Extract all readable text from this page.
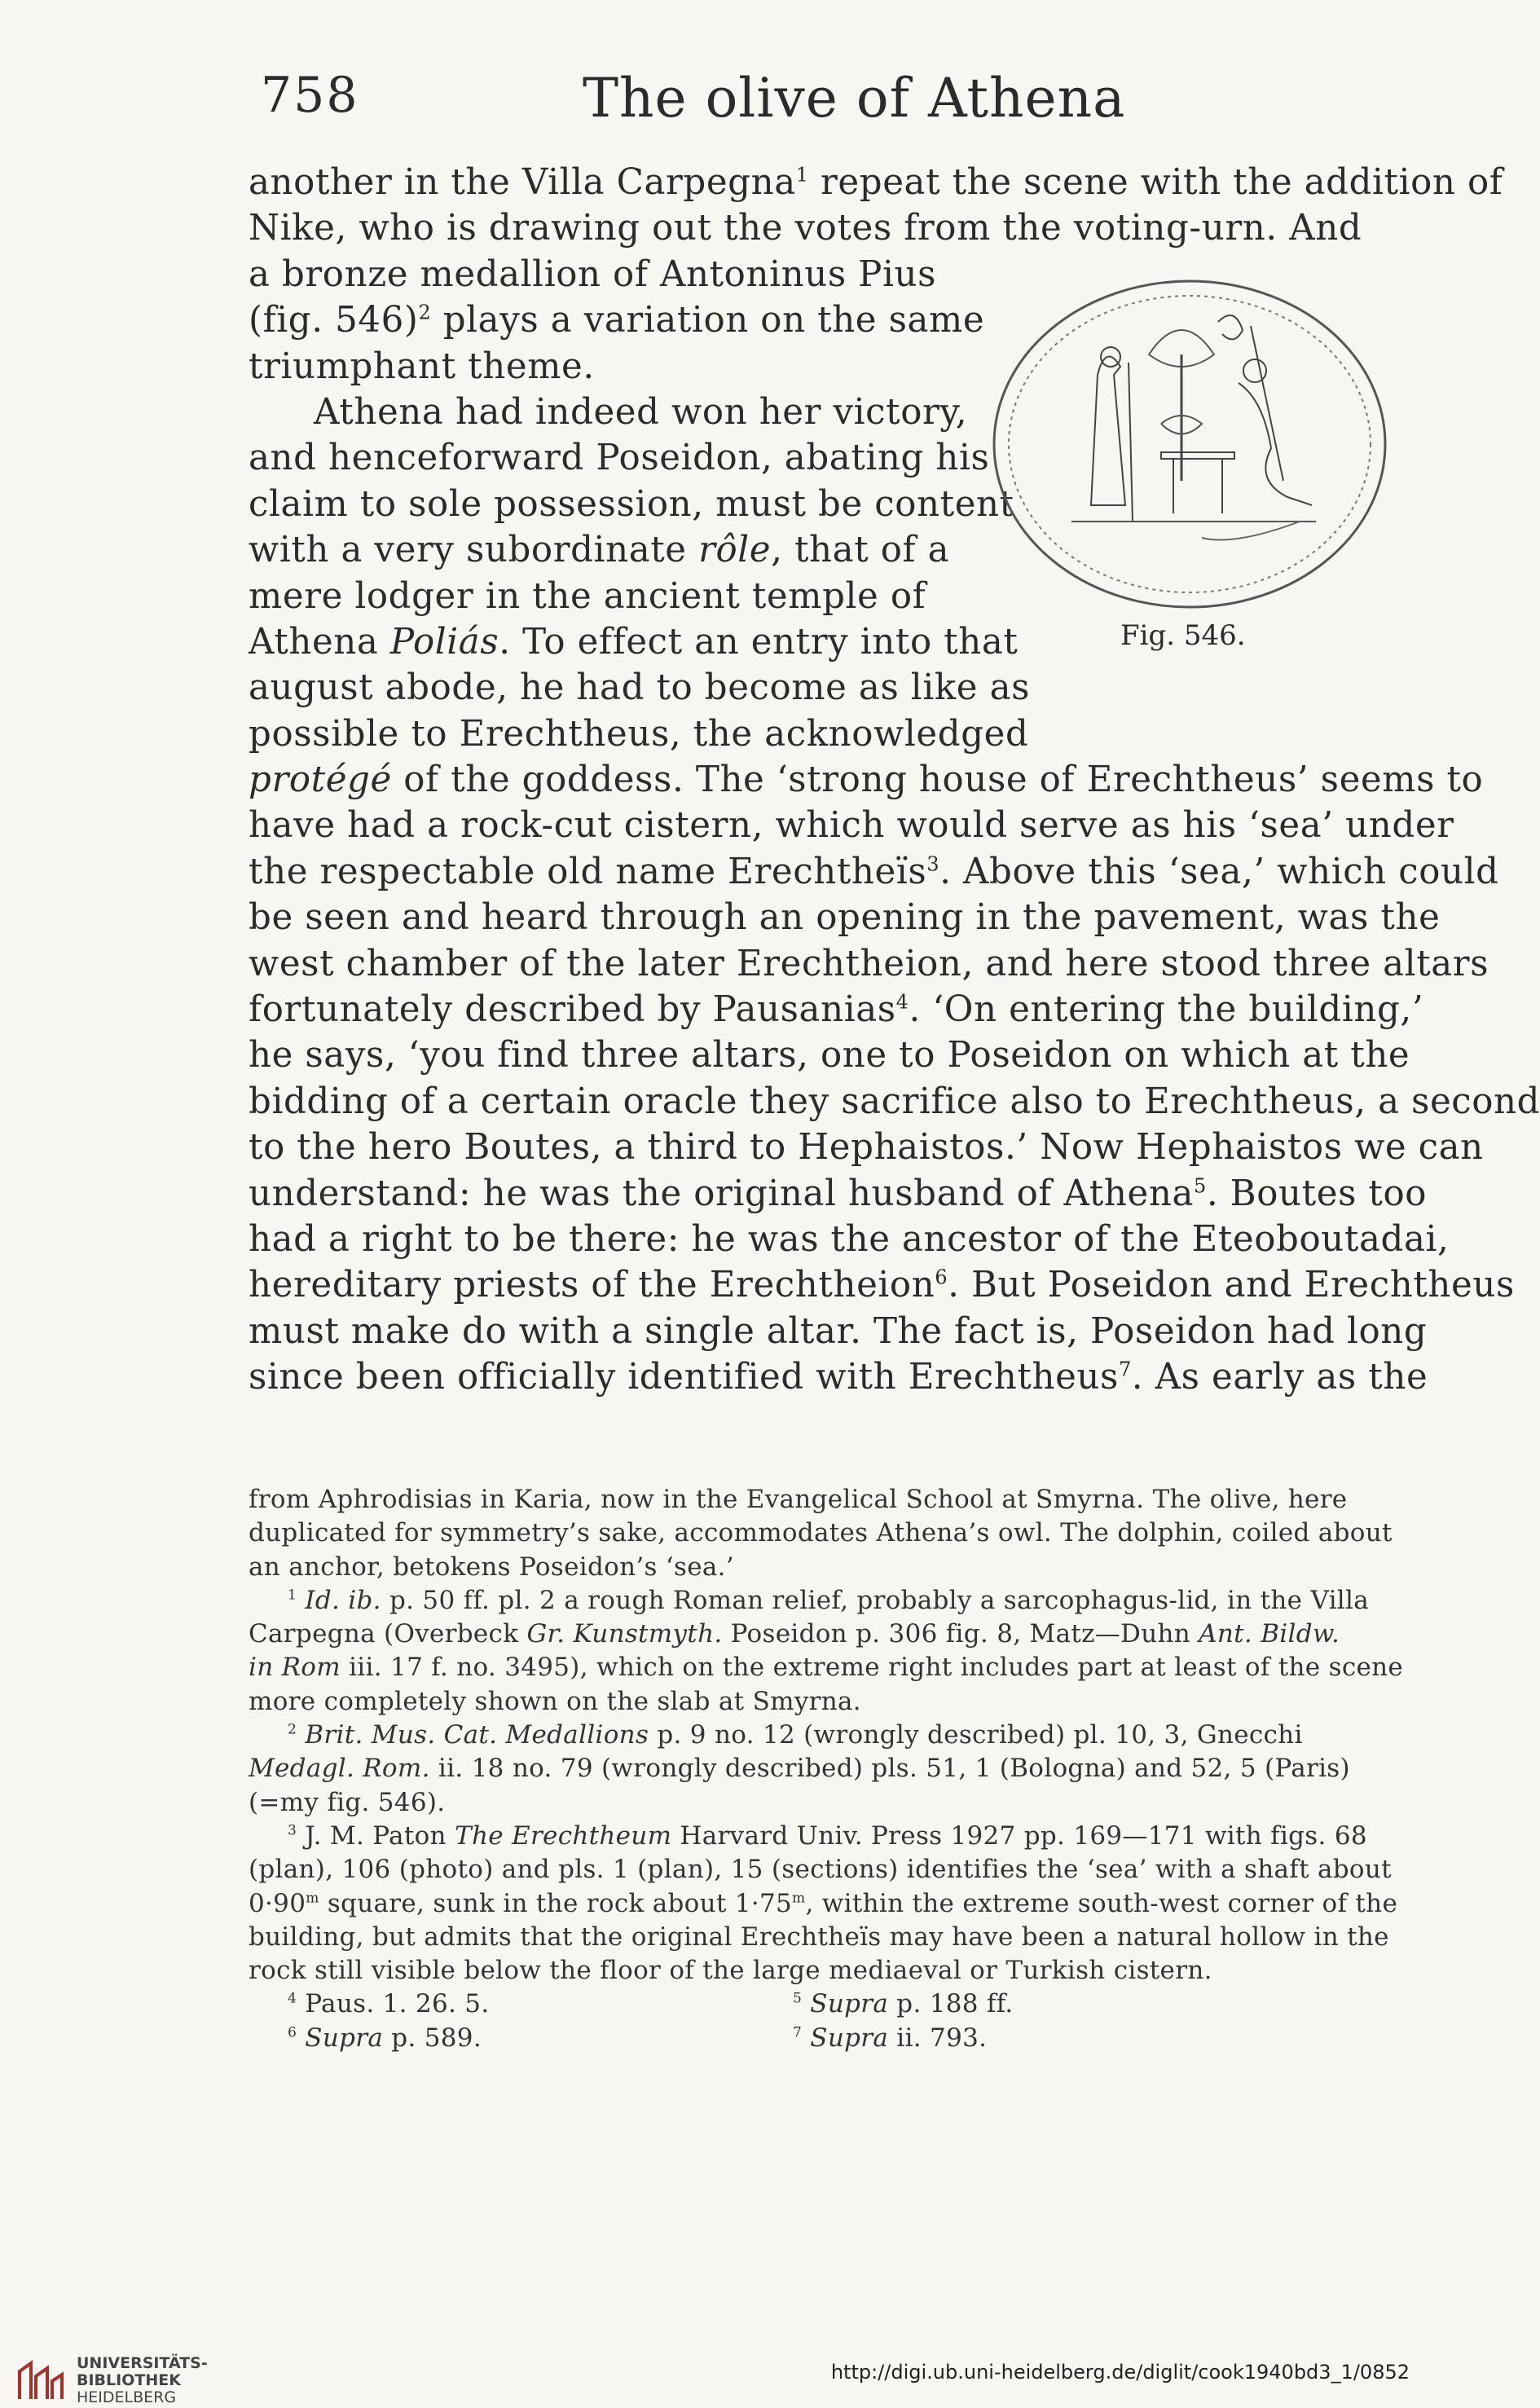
758	The olive of Athena
another in the Villa Carpegna$^1$ repeat the scene with the addition of
Nike, who is drawing out the votes from the voting-urn. And
a bronze medallion of Antoninus Pius
(fig. 546)$^2$ plays a variation on the same
triumphant theme.
Athena had indeed won her victory,
and henceforward Poseidon, abating his
claim to sole possession, must be content
with a very subordinate rôle, that of a
mere lodger in the ancient temple of
Athena Poliás. To effect an entry into that
august abode, he had to become as like as
possible to Erechtheus, the acknowledged
protégé of the goddess. The ‘strong house of Erechtheus’ seems to
have had a rock-cut cistern, which would serve as his ‘sea’ under
the respectable old name Erechtheïs$^3$. Above this ‘sea,’ which could
be seen and heard through an opening in the pavement, was the
west chamber of the later Erechtheion, and here stood three altars
fortunately described by Pausanias$^4$. ‘On entering the building,’
he says, ‘you find three altars, one to Poseidon on which at the
bidding of a certain oracle they sacrifice also to Erechtheus, a second
to the hero Boutes, a third to Hephaistos.’ Now Hephaistos we can
understand: he was the original husband of Athena$^5$. Boutes too
had a right to be there: he was the ancestor of the Eteoboutadai,
hereditary priests of the Erechtheion$^6$. But Poseidon and Erechtheus
must make do with a single altar. The fact is, Poseidon had long
since been officially identified with Erechtheus$^7$. As early as the
Fig. 546.
from Aphrodisias in Karia, now in the Evangelical School at Smyrna. The olive, here
duplicated for symmetry’s sake, accommodates Athena’s owl. The dolphin, coiled about
an anchor, betokens Poseidon’s ‘sea.’
$^1$ Id. ib. p. 50 ff. pl. 2 a rough Roman relief, probably a sarcophagus-lid, in the Villa
Carpegna (Overbeck Gr. Kunstmyth. Poseidon p. 306 fig. 8, Matz—Duhn Ant. Bildw.
in Rom iii. 17 f. no. 3495), which on the extreme right includes part at least of the scene
more completely shown on the slab at Smyrna.
$^2$ Brit. Mus. Cat. Medallions p. 9 no. 12 (wrongly described) pl. 10, 3, Gnecchi
Medagl. Rom. ii. 18 no. 79 (wrongly described) pls. 51, 1 (Bologna) and 52, 5 (Paris)
(=my fig. 546).
$^3$ J. M. Paton The Erechtheum Harvard Univ. Press 1927 pp. 169—171 with figs. 68
(plan), 106 (photo) and pls. 1 (plan), 15 (sections) identifies the ‘sea’ with a shaft about
$0\cdot 90^m$ square, sunk in the rock about $1\cdot 75^m$, within the extreme south-west corner of the
building, but admits that the original Erechtheïs may have been a natural hollow in the
rock still visible below the floor of the large mediaeval or Turkish cistern.
$^4$ Paus. 1. 26. 5.	$^5$ Supra p. 188 ff.
$^6$ Supra p. 589.	$^7$ Supra ii. 793.
UNIVERSITÄTS-
BIBLIOTHEK
HEIDELBERG
http://digi.ub.uni-heidelberg.de/diglit/cook1940bd3_1/0852
